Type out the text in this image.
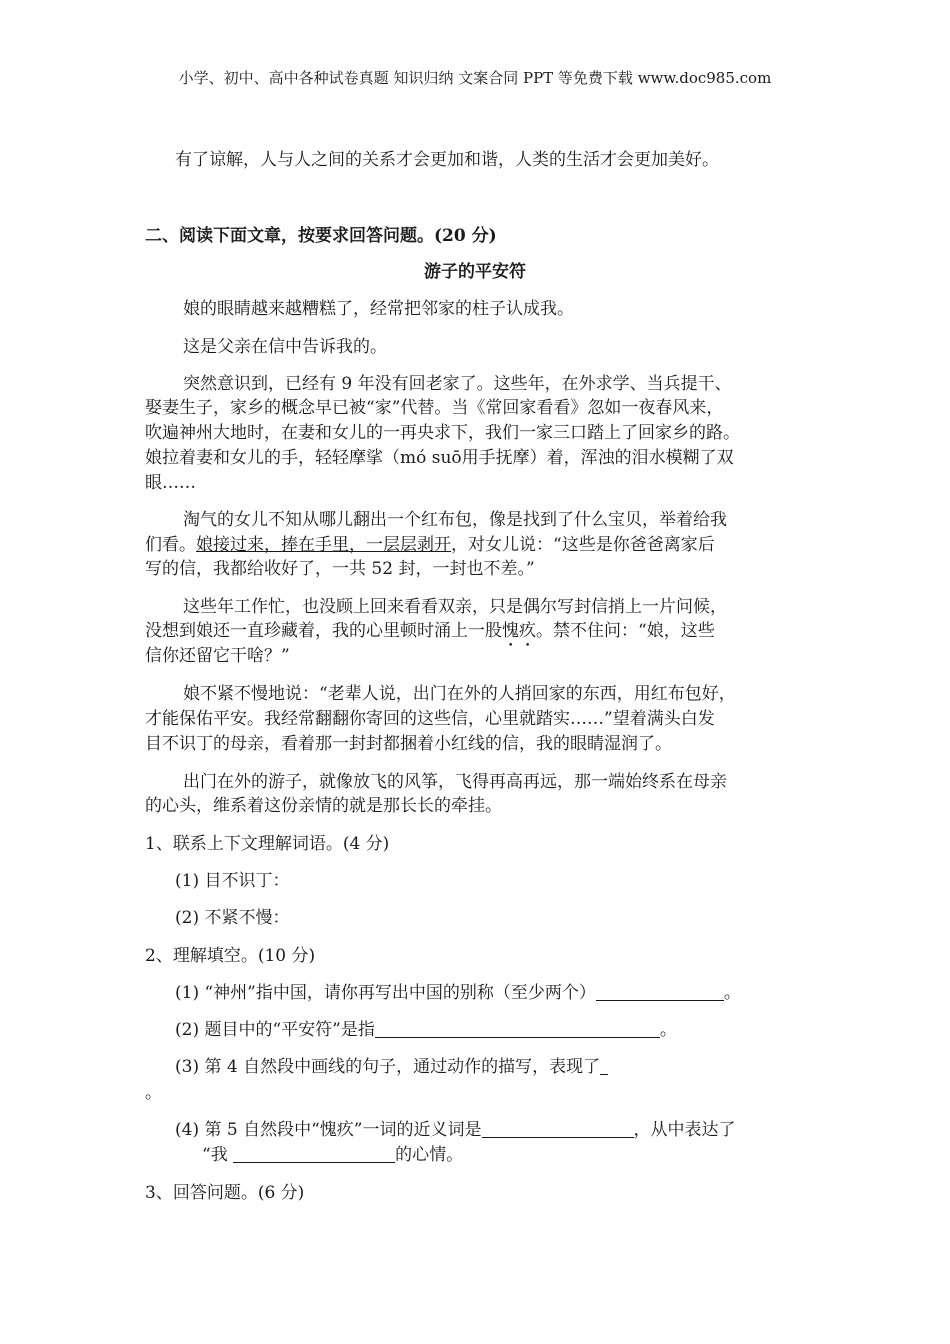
小学、初中、高中各种试卷真题 知识归纳 文案合同 PPT 等免费下载 www.doc985.com
有了谅解，人与人之间的关系才会更加和谐，人类的生活才会更加美好。
二、阅读下面文章，按要求回答问题。(20 分)
游子的平安符
娘的眼睛越来越糟糕了，经常把邻家的柱子认成我。
这是父亲在信中告诉我的。
突然意识到，已经有 9 年没有回老家了。这些年，在外求学、当兵提干、
娶妻生子，家乡的概念早已被“家”代替。当《常回家看看》忽如一夜春风来，
吹遍神州大地时，在妻和女儿的一再央求下，我们一家三口踏上了回家乡的路。
娘拉着妻和女儿的手，轻轻摩挲（mó suō用手抚摩）着，浑浊的泪水模糊了双
眼……
淘气的女儿不知从哪儿翻出一个红布包，像是找到了什么宝贝，举着给我
们看。娘接过来，捧在手里，一层层剥开，对女儿说：“这些是你爸爸离家后
写的信，我都给收好了，一共 52 封，一封也不差。”
这些年工作忙，也没顾上回来看看双亲，只是偶尔写封信捎上一片问候，
没想到娘还一直珍藏着，我的心里顿时涌上一股愧疚。禁不住问：“娘，这些
信你还留它干啥？”
娘不紧不慢地说：“老辈人说，出门在外的人捎回家的东西，用红布包好，
才能保佑平安。我经常翻翻你寄回的这些信，心里就踏实……”望着满头白发
目不识丁的母亲，看着那一封封都捆着小红线的信，我的眼睛湿润了。
出门在外的游子，就像放飞的风筝，飞得再高再远，那一端始终系在母亲
的心头，维系着这份亲情的就是那长长的牵挂。
1、联系上下文理解词语。(4 分)
(1) 目不识丁：
(2) 不紧不慢：
2、理解填空。(10 分)
(1) “神州”指中国，请你再写出中国的别称（至少两个）	。
(2) 题目中的“平安符”是指	。
(3) 第 4 自然段中画线的句子，通过动作的描写，表现了
。
(4) 第 5 自然段中“愧疚”一词的近义词是	，从中表达了
“我	的心情。
3、回答问题。(6 分)
